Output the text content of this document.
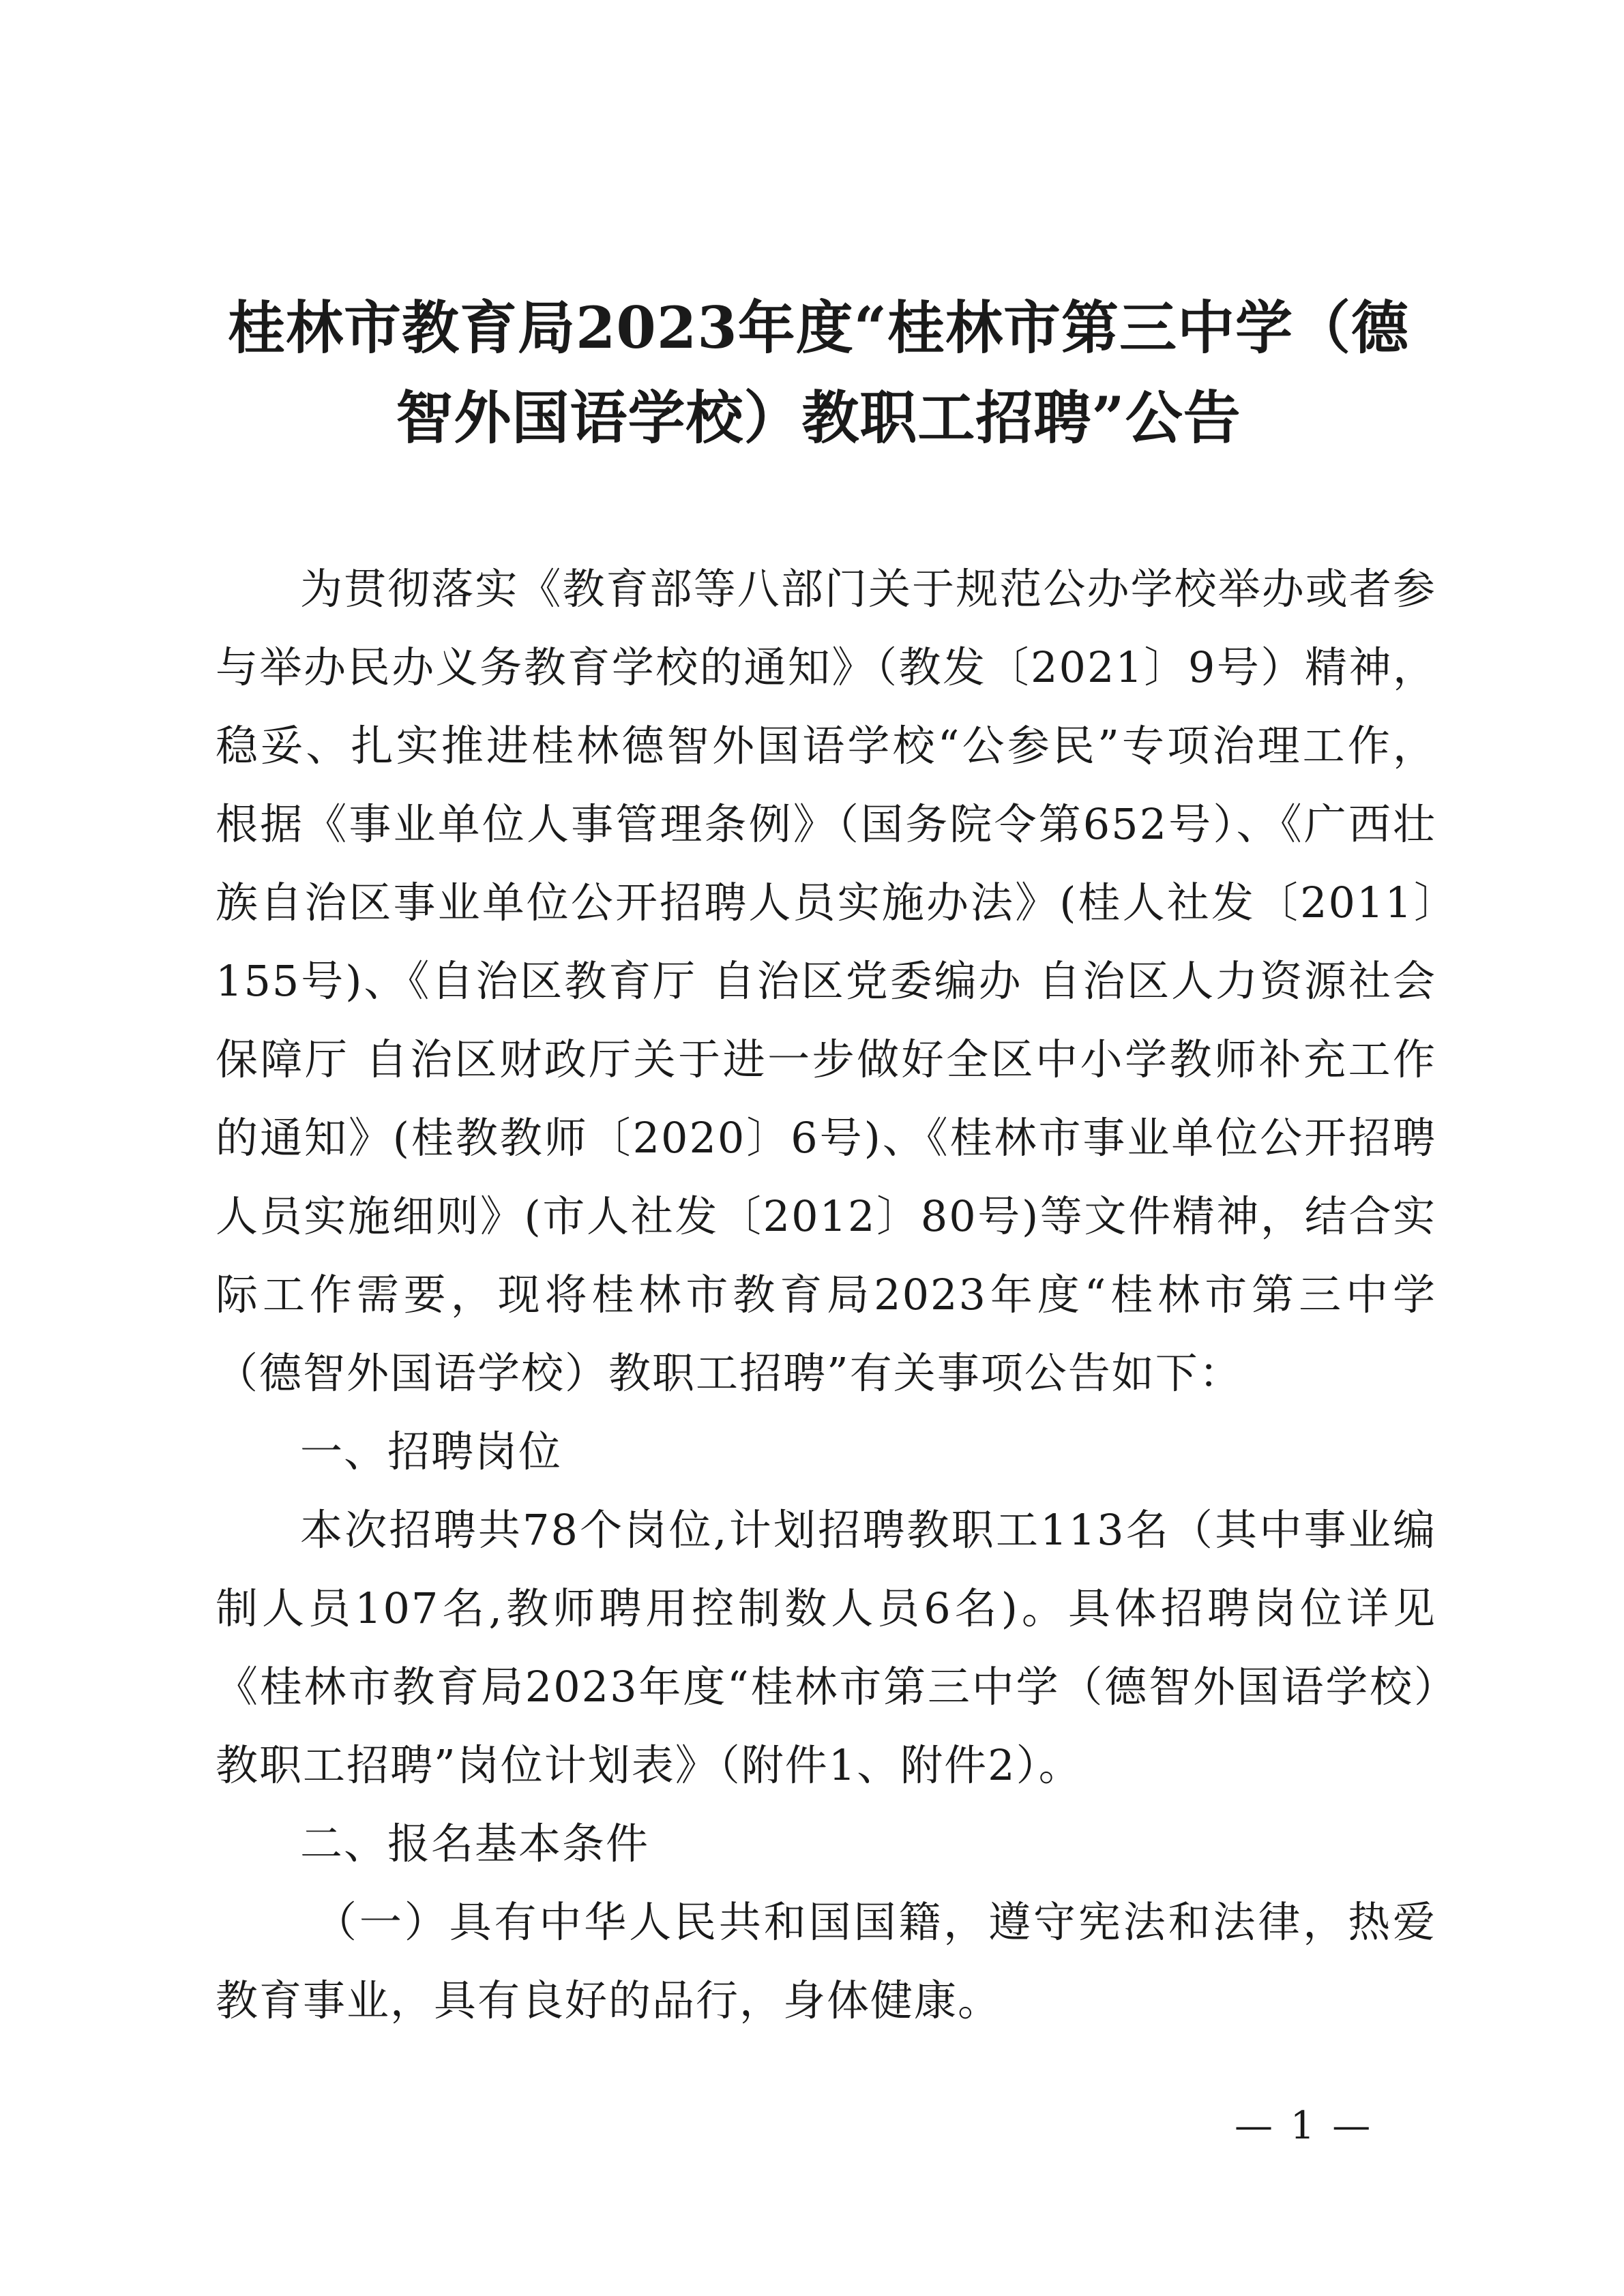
桂林市教育局2023年度“桂林市第三中学（德
智外国语学校）教职工招聘”公告

为贯彻落实《教育部等八部门关于规范公办学校举办或者参与举办民办义务教育学校的通知》（教发〔2021〕9号）精神，稳妥、扎实推进桂林德智外国语学校“公参民”专项治理工作，根据《事业单位人事管理条例》（国务院令第652号）、《广西壮族自治区事业单位公开招聘人员实施办法》(桂人社发〔2011〕155号)、《自治区教育厅 自治区党委编办 自治区人力资源社会保障厅 自治区财政厅关于进一步做好全区中小学教师补充工作的通知》(桂教教师〔2020〕6号)、《桂林市事业单位公开招聘人员实施细则》(市人社发〔2012〕80号)等文件精神，结合实际工作需要，现将桂林市教育局2023年度“桂林市第三中学（德智外国语学校）教职工招聘”有关事项公告如下：

一、招聘岗位

本次招聘共78个岗位,计划招聘教职工113名（其中事业编制人员107名,教师聘用控制数人员6名)。具体招聘岗位详见《桂林市教育局2023年度“桂林市第三中学（德智外国语学校）教职工招聘”岗位计划表》（附件1、附件2）。

二、报名基本条件

（一）具有中华人民共和国国籍，遵守宪法和法律，热爱教育事业，具有良好的品行，身体健康。

— 1 —
